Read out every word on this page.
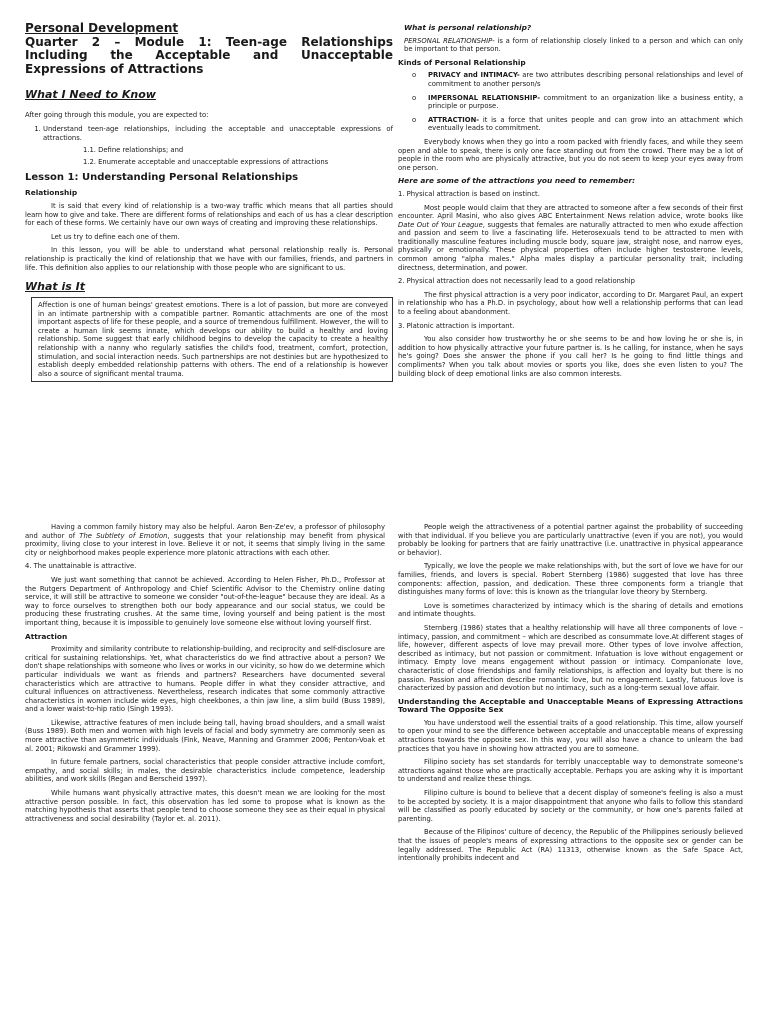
Personal Development
Quarter 2 – Module 1: Teen-age Relationships Including the Acceptable and Unacceptable Expressions of Attractions
What I Need to Know

After going through this module, you are expected to:

1. Understand teen-age relationships, including the acceptable and unacceptable expressions of attractions.
1.1. Define relationships; and
1.2. Enumerate acceptable and unacceptable expressions of attractions
Lesson 1: Understanding Personal Relationships
Relationship

It is said that every kind of relationship is a two-way traffic which means that all parties should learn how to give and take. There are different forms of relationships and each of us has a clear description for each of these forms. We certainly have our own ways of creating and improving these relationships.

Let us try to define each one of them.

In this lesson, you will be able to understand what personal relationship really is. Personal relationship is practically the kind of relationship that we have with our families, friends, and partners in life. This definition also applies to our relationship with those people who are significant to us.

What is It
Affection is one of human beings' greatest emotions. There is a lot of passion, but more are conveyed in an intimate partnership with a compatible partner. Romantic attachments are one of the most important aspects of life for these people, and a source of tremendous fulfillment. However, the will to create a human link seems innate, which develops our ability to build a healthy and loving relationship. Some suggest that early childhood begins to develop the capacity to create a healthy relationship with a nanny who regularly satisfies the child's food, treatment, comfort, protection, stimulation, and social interaction needs. Such partnerships are not destinies but are hypothesized to establish deeply embedded relationship patterns with others. The end of a relationship is however also a source of significant mental trauma.
What is personal relationship?

PERSONAL RELATIONSHIP- is a form of relationship closely linked to a person and which can only be important to that person.

Kinds of Personal Relationship
o PRIVACY and INTIMACY- are two attributes describing personal relationships and level of commitment to another person/s
o IMPERSONAL RELATIONSHIP- commitment to an organization like a business entity, a principle or purpose.
o ATTRACTION- it is a force that unites people and can grow into an attachment which eventually leads to commitment.

Everybody knows when they go into a room packed with friendly faces, and while they seem open and able to speak, there is only one face standing out from the crowd. There may be a lot of people in the room who are physically attractive, but you do not seem to keep your eyes away from one person.

Here are some of the attractions you need to remember:

1. Physical attraction is based on instinct.

Most people would claim that they are attracted to someone after a few seconds of their first encounter. April Masini, who also gives ABC Entertainment News relation advice, wrote books like Date Out of Your League, suggests that females are naturally attracted to men who exude affection and passion and seem to live a fascinating life. Heterosexuals tend to be attracted to men with traditionally masculine features including muscle body, square jaw, straight nose, and narrow eyes, physically or emotionally. These physical properties often include higher testosterone levels, common among "alpha males." Alpha males display a particular personality trait, including directness, determination, and power.

2. Physical attraction does not necessarily lead to a good relationship

The first physical attraction is a very poor indicator, according to Dr. Margaret Paul, an expert in relationship who has a Ph.D. in psychology, about how well a relationship performs that can lead to a feeling about abandonment.

3. Platonic attraction is important.

You also consider how trustworthy he or she seems to be and how loving he or she is, in addition to how physically attractive your future partner is. Is he calling, for instance, when he says he's going? Does she answer the phone if you call her? Is he going to find little things and compliments? When you talk about movies or sports you like, does she even listen to you? The building block of deep emotional links are also common interests.

Having a common family history may also be helpful. Aaron Ben-Ze'ev, a professor of philosophy and author of The Subtlety of Emotion, suggests that your relationship may benefit from physical proximity, living close to your interest in love. Believe it or not, it seems that simply living in the same city or neighborhood makes people experience more platonic attractions with each other.

4. The unattainable is attractive.

We just want something that cannot be achieved. According to Helen Fisher, Ph.D., Professor at the Rutgers Department of Anthropology and Chief Scientific Advisor to the Chemistry online dating service, it will still be attractive to someone we consider "out-of-the-league" because they are ideal. As a way to force ourselves to strengthen both our body appearance and our social status, we could be producing these frustrating crushes. At the same time, loving yourself and being patient is the most important thing, because it is impossible to genuinely love someone else without loving yourself first.

Attraction

Proximity and similarity contribute to relationship-building, and reciprocity and self-disclosure are critical for sustaining relationships. Yet, what characteristics do we find attractive about a person? We don't shape relationships with someone who lives or works in our vicinity, so how do we determine which particular individuals we want as friends and partners? Researchers have documented several characteristics which are attractive to humans. People differ in what they consider attractive, and cultural influences on attractiveness. Nevertheless, research indicates that some commonly attractive characteristics in women include wide eyes, high cheekbones, a thin jaw line, a slim build (Buss 1989), and a lower waist-to-hip ratio (Singh 1993).

Likewise, attractive features of men include being tall, having broad shoulders, and a small waist (Buss 1989). Both men and women with high levels of facial and body symmetry are commonly seen as more attractive than asymmetric individuals (Fink, Neave, Manning and Grammer 2006; Penton-Voak et al. 2001; Rikowski and Grammer 1999).

In future female partners, social characteristics that people consider attractive include comfort, empathy, and social skills; in males, the desirable characteristics include competence, leadership abilities, and work skills (Regan and Berscheid 1997).

While humans want physically attractive mates, this doesn't mean we are looking for the most attractive person possible. In fact, this observation has led some to propose what is known as the matching hypothesis that asserts that people tend to choose someone they see as their equal in physical attractiveness and social desirability (Taylor et. al. 2011).

People weigh the attractiveness of a potential partner against the probability of succeeding with that individual. If you believe you are particularly unattractive (even if you are not), you would probably be looking for partners that are fairly unattractive (i.e. unattractive in physical appearance or behavior).

Typically, we love the people we make relationships with, but the sort of love we have for our families, friends, and lovers is special. Robert Sternberg (1986) suggested that love has three components: affection, passion, and dedication. These three components form a triangle that distinguishes many forms of love: this is known as the triangular love theory by Sternberg.

Love is sometimes characterized by intimacy which is the sharing of details and emotions and intimate thoughts.

Sternberg (1986) states that a healthy relationship will have all three components of love – intimacy, passion, and commitment – which are described as consummate love.At different stages of life, however, different aspects of love may prevail more. Other types of love involve affection, described as intimacy, but not passion or commitment. Infatuation is love without engagement or intimacy. Empty love means engagement without passion or intimacy. Companionate love, characteristic of close friendships and family relationships, is affection and loyalty but there is no passion. Passion and affection describe romantic love, but no engagement. Lastly, fatuous love is characterized by passion and devotion but no intimacy, such as a long-term sexual love affair.

Understanding the Acceptable and Unacceptable Means of Expressing Attractions Toward The Opposite Sex

You have understood well the essential traits of a good relationship. This time, allow yourself to open your mind to see the difference between acceptable and unacceptable means of expressing attractions towards the opposite sex. In this way, you will also have a chance to unlearn the bad practices that you have in showing how attracted you are to someone.

Filipino society has set standards for terribly unacceptable way to demonstrate someone's attractions against those who are practically acceptable. Perhaps you are asking why it is important to understand and realize these things.

Filipino culture is bound to believe that a decent display of someone's feeling is also a must to be accepted by society. It is a major disappointment that anyone who fails to follow this standard will be classified as poorly educated by society or the community, or how one's parents failed at parenting.

Because of the Filipinos' culture of decency, the Republic of the Philippines seriously believed that the issues of people's means of expressing attractions to the opposite sex or gender can be legally addressed. The Republic Act (RA) 11313, otherwise known as the Safe Space Act, intentionally prohibits indecent and
